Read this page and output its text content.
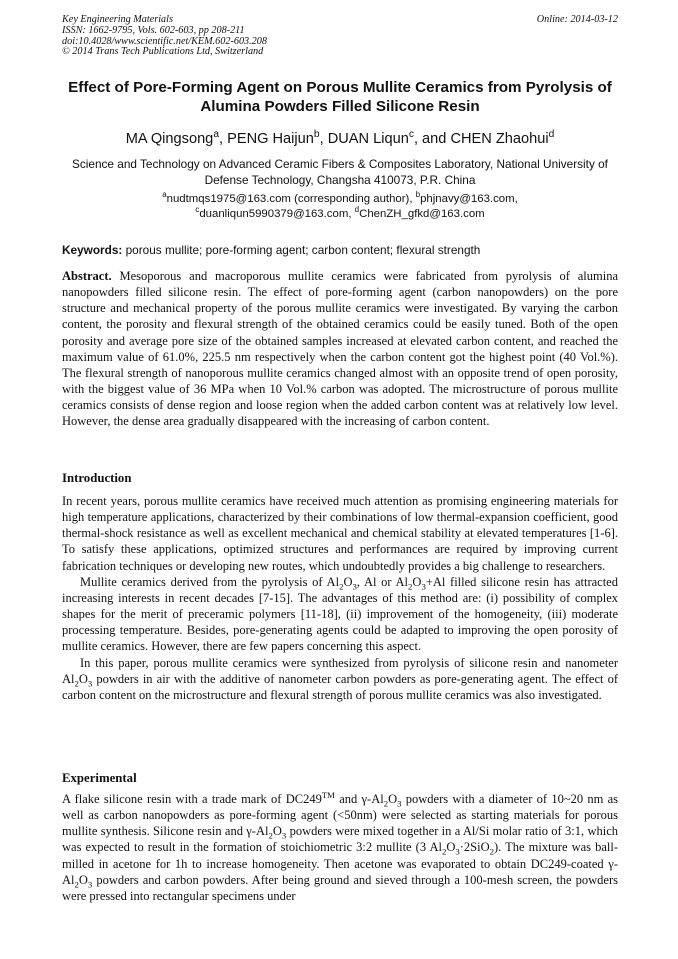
Key Engineering Materials
ISSN: 1662-9795, Vols. 602-603, pp 208-211
doi:10.4028/www.scientific.net/KEM.602-603.208
© 2014 Trans Tech Publications Ltd, Switzerland
Online: 2014-03-12
Effect of Pore-Forming Agent on Porous Mullite Ceramics from Pyrolysis of Alumina Powders Filled Silicone Resin
MA Qingsong$^a$, PENG Haijun$^b$, DUAN Liqun$^c$, and CHEN Zhaohui$^d$
Science and Technology on Advanced Ceramic Fibers & Composites Laboratory, National University of Defense Technology, Changsha 410073, P.R. China
$^a$nudtmqs1975@163.com (corresponding author), $^b$phjnavy@163.com,
$^c$duanliqun5990379@163.com, $^d$ChenZH_gfkd@163.com
Keywords: porous mullite; pore-forming agent; carbon content; flexural strength

Abstract. Mesoporous and macroporous mullite ceramics were fabricated from pyrolysis of alumina nanopowders filled silicone resin. The effect of pore-forming agent (carbon nanopowders) on the pore structure and mechanical property of the porous mullite ceramics were investigated. By varying the carbon content, the porosity and flexural strength of the obtained ceramics could be easily tuned. Both of the open porosity and average pore size of the obtained samples increased at elevated carbon content, and reached the maximum value of 61.0%, 225.5 nm respectively when the carbon content got the highest point (40 Vol.%). The flexural strength of nanoporous mullite ceramics changed almost with an opposite trend of open porosity, with the biggest value of 36 MPa when 10 Vol.% carbon was adopted. The microstructure of porous mullite ceramics consists of dense region and loose region when the added carbon content was at relatively low level. However, the dense area gradually disappeared with the increasing of carbon content.

Introduction

In recent years, porous mullite ceramics have received much attention as promising engineering materials for high temperature applications, characterized by their combinations of low thermal-expansion coefficient, good thermal-shock resistance as well as excellent mechanical and chemical stability at elevated temperatures [1-6]. To satisfy these applications, optimized structures and performances are required by improving current fabrication techniques or developing new routes, which undoubtedly provides a big challenge to researchers.

Mullite ceramics derived from the pyrolysis of $Al_2O_3$, Al or $Al_2O_3+Al$ filled silicone resin has attracted increasing interests in recent decades [7-15]. The advantages of this method are: (i) possibility of complex shapes for the merit of preceramic polymers [11-18], (ii) improvement of the homogeneity, (iii) moderate processing temperature. Besides, pore-generating agents could be adapted to improving the open porosity of mullite ceramics. However, there are few papers concerning this aspect.

In this paper, porous mullite ceramics were synthesized from pyrolysis of silicone resin and nanometer $Al_2O_3$ powders in air with the additive of nanometer carbon powders as pore-generating agent. The effect of carbon content on the microstructure and flexural strength of porous mullite ceramics was also investigated.

Experimental

A flake silicone resin with a trade mark of DC249™ and $\gamma-Al_2O_3$ powders with a diameter of 10~20 nm as well as carbon nanopowders as pore-forming agent (<50nm) were selected as starting materials for porous mullite synthesis. Silicone resin and $\gamma-Al_2O_3$ powders were mixed together in a Al/Si molar ratio of 3:1, which was expected to result in the formation of stoichiometric 3:2 mullite (3 $Al_2O_3\cdot 2SiO_2$). The mixture was ball-milled in acetone for 1h to increase homogeneity. Then acetone was evaporated to obtain DC249-coated $\gamma-Al_2O_3$ powders and carbon powders. After being ground and sieved through a 100-mesh screen, the powders were pressed into rectangular specimens under
